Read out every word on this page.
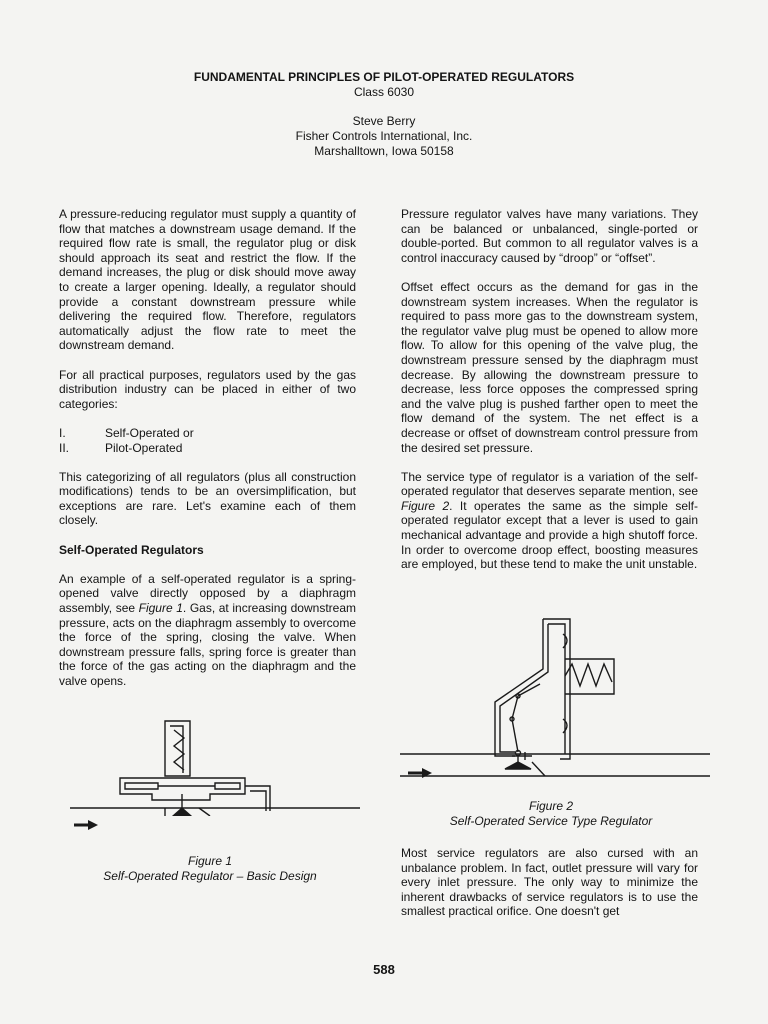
FUNDAMENTAL PRINCIPLES OF PILOT-OPERATED REGULATORS
Class 6030
Steve Berry
Fisher Controls International, Inc.
Marshalltown, Iowa 50158

A pressure-reducing regulator must supply a quantity of flow that matches a downstream usage demand. If the required flow rate is small, the regulator plug or disk should approach its seat and restrict the flow. If the demand increases, the plug or disk should move away to create a larger opening. Ideally, a regulator should provide a constant downstream pressure while delivering the required flow. Therefore, regulators automatically adjust the flow rate to meet the downstream demand.

For all practical purposes, regulators used by the gas distribution industry can be placed in either of two categories:

I.	Self-Operated or
II.	Pilot-Operated

This categorizing of all regulators (plus all construction modifications) tends to be an oversimplification, but exceptions are rare. Let's examine each of them closely.

Self-Operated Regulators

An example of a self-operated regulator is a spring-opened valve directly opposed by a diaphragm assembly, see Figure 1. Gas, at increasing downstream pressure, acts on the diaphragm assembly to overcome the force of the spring, closing the valve. When downstream pressure falls, spring force is greater than the force of the gas acting on the diaphragm and the valve opens.

Figure 1
Self-Operated Regulator – Basic Design

Pressure regulator valves have many variations. They can be balanced or unbalanced, single-ported or double-ported. But common to all regulator valves is a control inaccuracy caused by “droop” or “offset”.

Offset effect occurs as the demand for gas in the downstream system increases. When the regulator is required to pass more gas to the downstream system, the regulator valve plug must be opened to allow more flow. To allow for this opening of the valve plug, the downstream pressure sensed by the diaphragm must decrease. By allowing the downstream pressure to decrease, less force opposes the compressed spring and the valve plug is pushed farther open to meet the flow demand of the system. The net effect is a decrease or offset of downstream control pressure from the desired set pressure.

The service type of regulator is a variation of the self-operated regulator that deserves separate mention, see Figure 2. It operates the same as the simple self-operated regulator except that a lever is used to gain mechanical advantage and provide a high shutoff force. In order to overcome droop effect, boosting measures are employed, but these tend to make the unit unstable.

Figure 2
Self-Operated Service Type Regulator
Most service regulators are also cursed with an unbalance problem. In fact, outlet pressure will vary for every inlet pressure. The only way to minimize the inherent drawbacks of service regulators is to use the smallest practical orifice. One doesn't get
588
